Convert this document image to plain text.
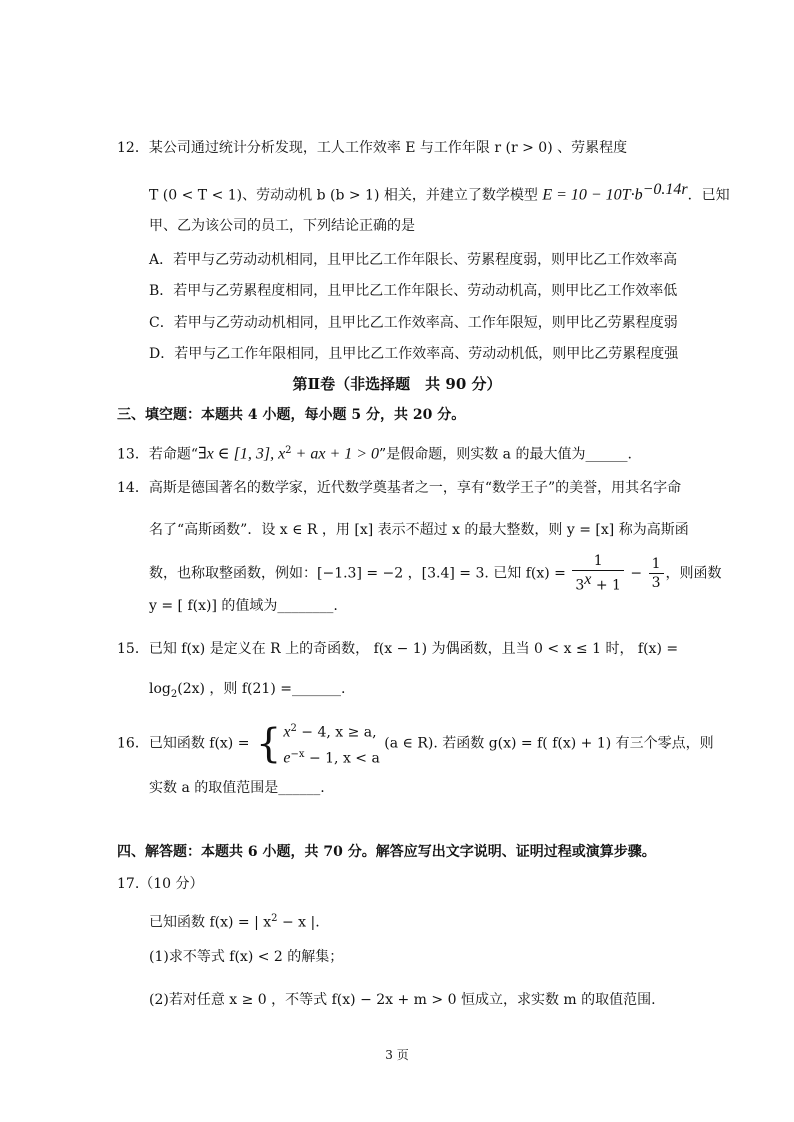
12．某公司通过统计分析发现，工人工作效率 E 与工作年限 r (r > 0) 、劳累程度
T (0 < T < 1)、劳动动机 b (b > 1) 相关，并建立了数学模型 $E = 10 - 10T\cdot b^{-0.14r}$．已知
甲、乙为该公司的员工，下列结论正确的是
A．若甲与乙劳动动机相同，且甲比乙工作年限长、劳累程度弱，则甲比乙工作效率高
B．若甲与乙劳累程度相同，且甲比乙工作年限长、劳动动机高，则甲比乙工作效率低
C．若甲与乙劳动动机相同，且甲比乙工作效率高、工作年限短，则甲比乙劳累程度弱
D．若甲与乙工作年限相同，且甲比乙工作效率高、劳动动机低，则甲比乙劳累程度强
第Ⅱ卷（非选择题　共 90 分）
三、填空题：本题共 4 小题，每小题 5 分，共 20 分。
13．若命题“∃x ∈ [1, 3], $x^2$ + ax + 1 > 0”是假命题，则实数 a 的最大值为______.
14．高斯是德国著名的数学家，近代数学奠基者之一，享有“数学王子”的美誉，用其名字命
名了“高斯函数”．设 x ∈ R ，用 [x] 表示不超过 x 的最大整数，则 y = [x] 称为高斯函
数，也称取整函数，例如：[−1.3] = −2 ，[3.4] = 3. 已知 $f(x) = \frac{1}{3^x + 1} - \frac{1}{3}$ ，则函数
y = [ f(x)] 的值域为________.
15．已知 f(x) 是定义在 R 上的奇函数， f(x − 1) 为偶函数，且当 0 < x ≤ 1 时， f(x) =
$\log_2(2x)$ ，则 f(21) =_______.
16．已知函数 f(x) = { $x^2 - 4$, x ≥ a,
$e^{-x} - 1$, x < a
(a ∈ R). 若函数 g(x) = f( f(x) + 1) 有三个零点，则
实数 a 的取值范围是______.
四、解答题：本题共 6 小题，共 70 分。解答应写出文字说明、证明过程或演算步骤。
17.（10 分）
已知函数 f(x) = | $x^2 - x$ |.
(1)求不等式 f(x) < 2 的解集；
(2)若对任意 x ≥ 0 ，不等式 f(x) − 2x + m > 0 恒成立，求实数 m 的取值范围.
3 页
